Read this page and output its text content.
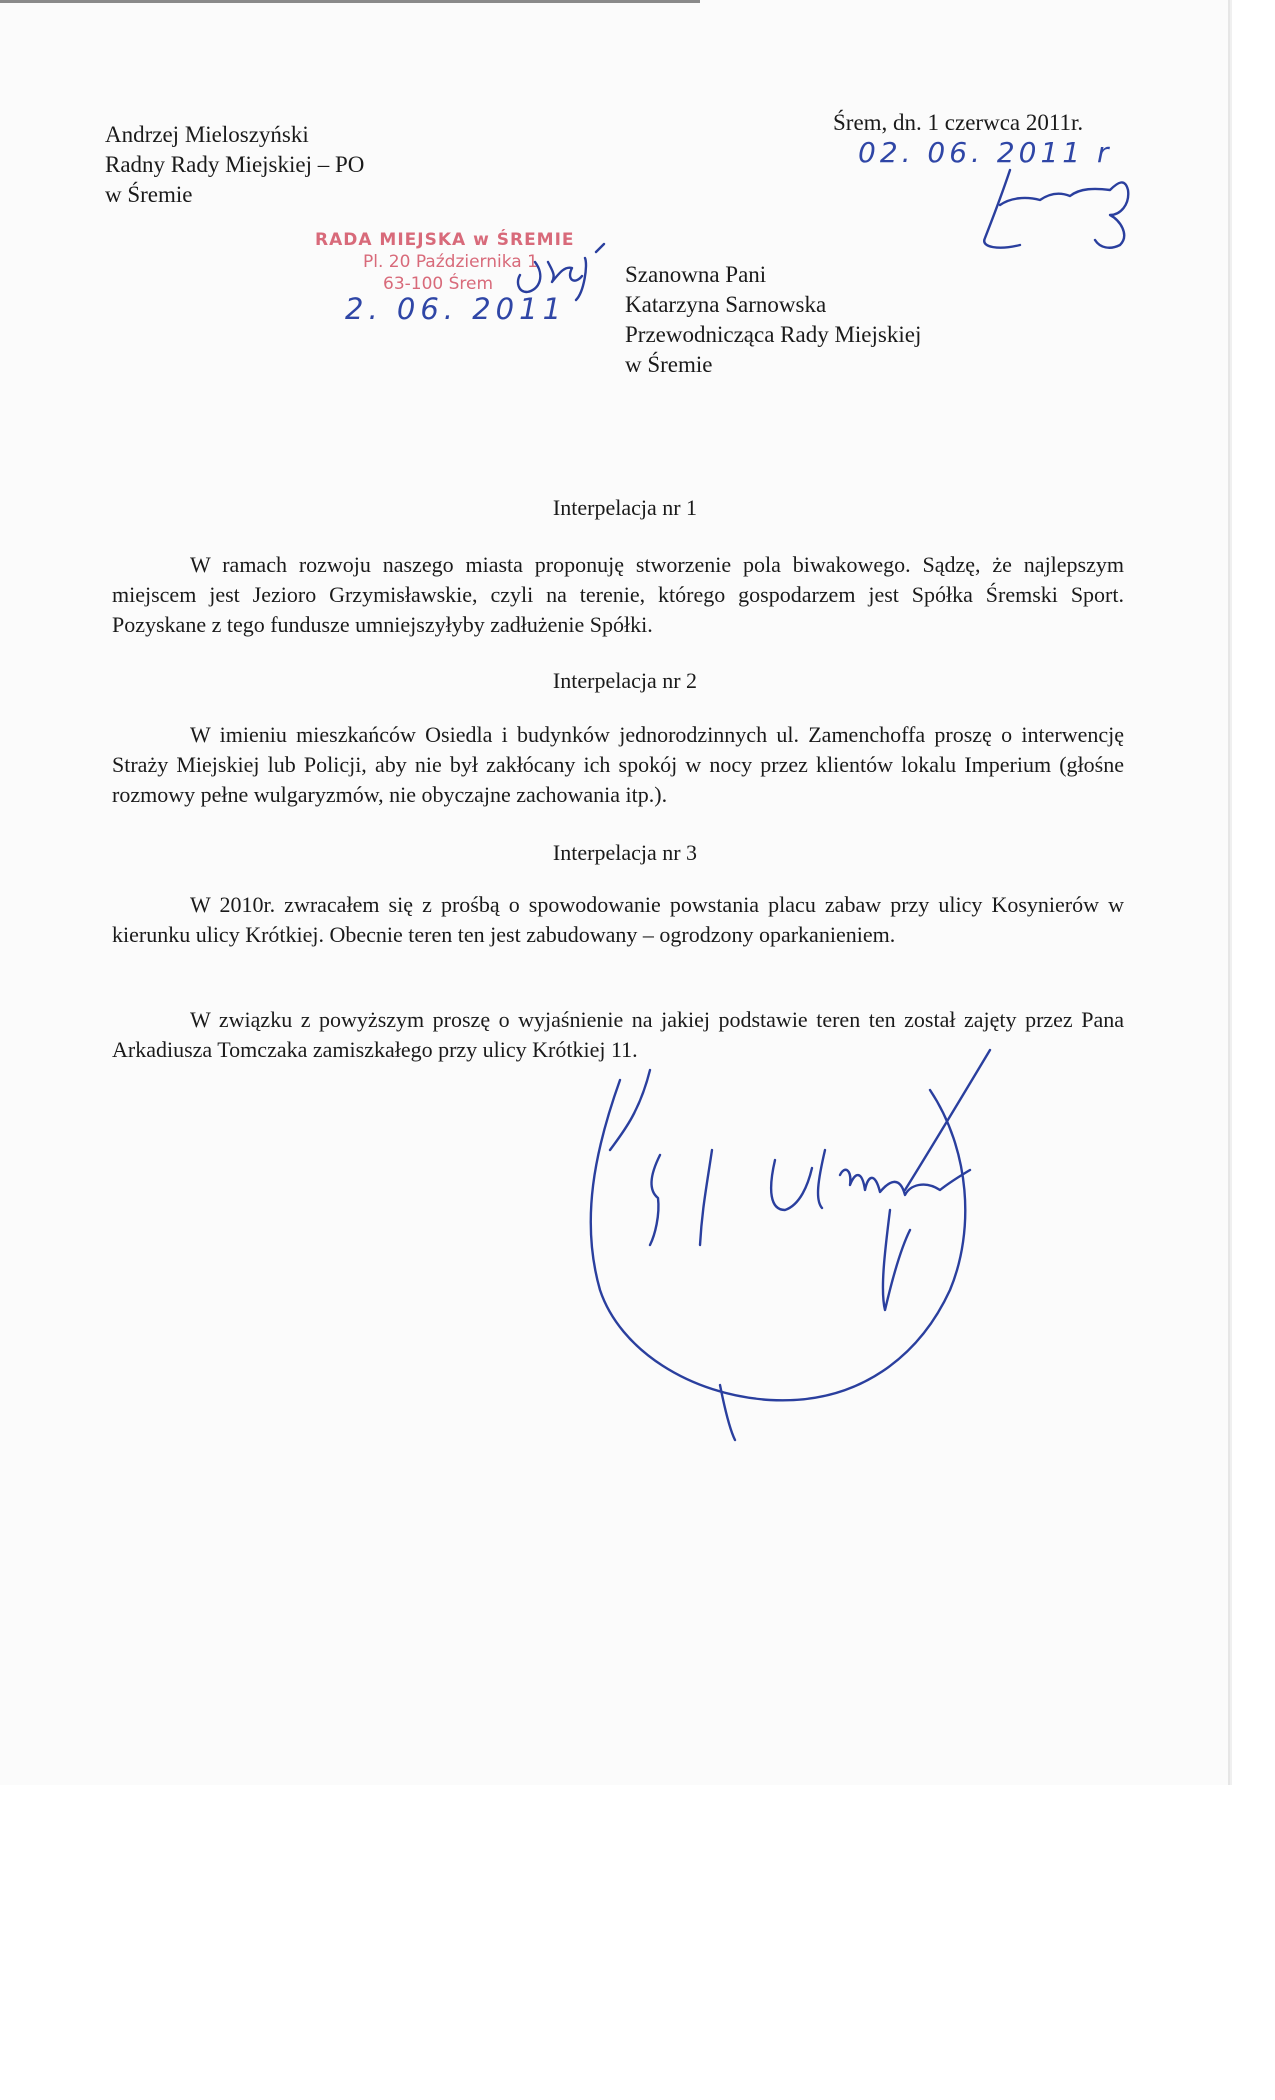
Andrzej Mieloszyński
Radny Rady Miejskiej – PO
w Śremie
Śrem, dn. 1 czerwca 2011r.
02. 06. 2011 r
RADA MIEJSKA w ŚREMIE
Pl. 20 Października 1
63-100 Śrem
2. 06. 2011
Szanowna Pani
Katarzyna Sarnowska
Przewodnicząca Rady Miejskiej
w Śremie
Interpelacja nr 1
W ramach rozwoju naszego miasta proponuję stworzenie pola biwakowego. Sądzę, że najlepszym miejscem jest Jezioro Grzymisławskie, czyli na terenie, którego gospodarzem jest Spółka Śremski Sport. Pozyskane z tego fundusze umniejszyłyby zadłużenie Spółki.
Interpelacja nr 2
W imieniu mieszkańców Osiedla i budynków jednorodzinnych ul. Zamenchoffa proszę o interwencję Straży Miejskiej lub Policji, aby nie był zakłócany ich spokój w nocy przez klientów lokalu Imperium (głośne rozmowy pełne wulgaryzmów, nie obyczajne zachowania itp.).
Interpelacja nr 3
W 2010r. zwracałem się z prośbą o spowodowanie powstania placu zabaw przy ulicy Kosynierów w kierunku ulicy Krótkiej. Obecnie teren ten jest zabudowany – ogrodzony oparkanieniem.
W związku z powyższym proszę o wyjaśnienie na jakiej podstawie teren ten został zajęty przez Pana Arkadiusza Tomczaka zamiszkałego przy ulicy Krótkiej 11.
